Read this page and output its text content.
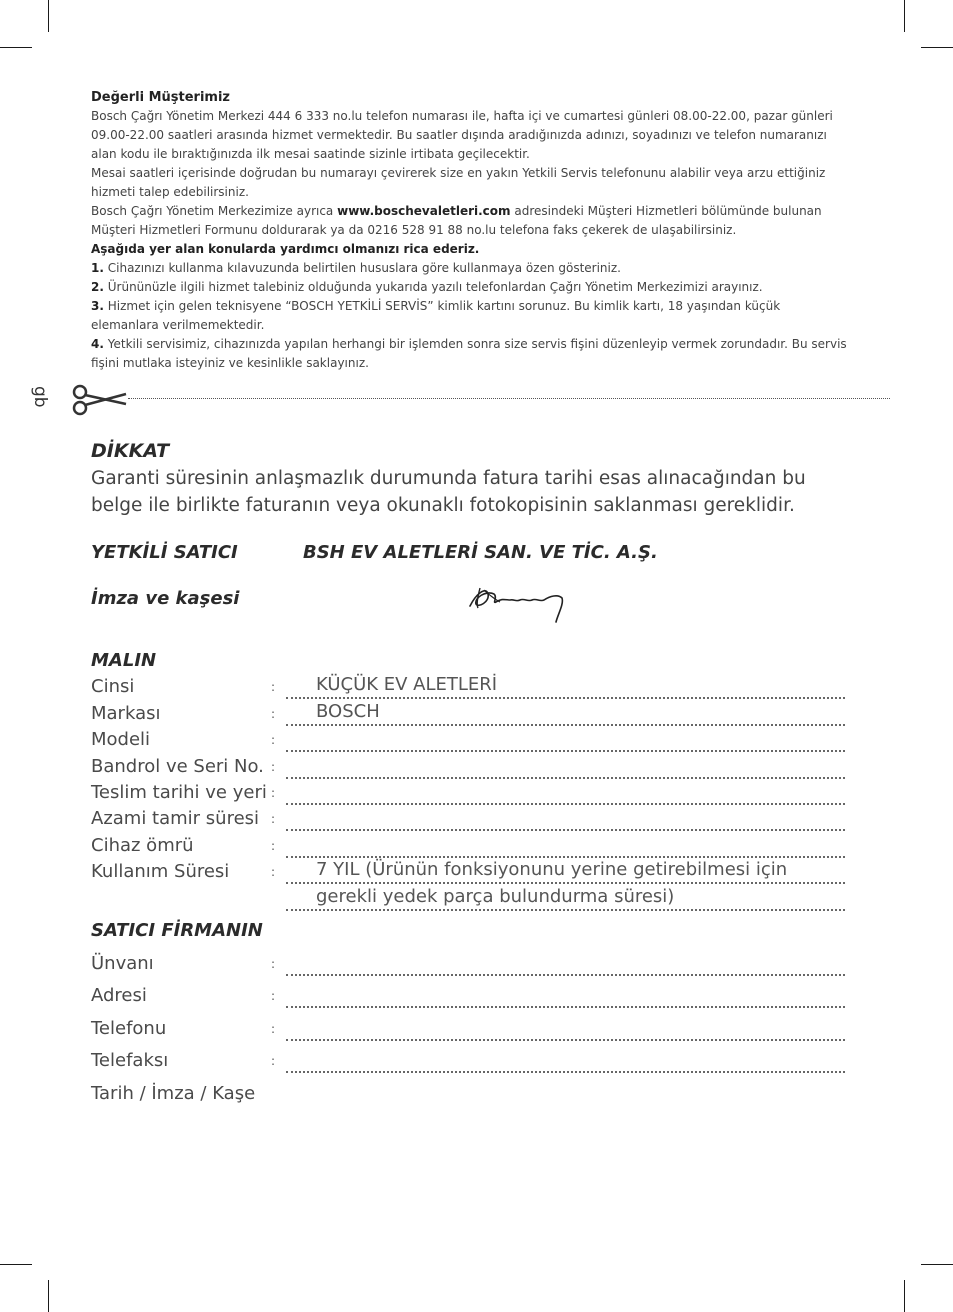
Değerli Müşterimiz

Bosch Çağrı Yönetim Merkezi 444 6 333 no.lu telefon numarası ile, hafta içi ve cumartesi günleri 08.00-22.00, pazar günleri 09.00-22.00 saatleri arasında hizmet vermektedir. Bu saatler dışında aradığınızda adınızı, soyadınızı ve telefon numaranızı alan kodu ile bıraktığınızda ilk mesai saatinde sizinle irtibata geçilecektir.

Mesai saatleri içerisinde doğrudan bu numarayı çevirerek size en yakın Yetkili Servis telefonunu alabilir veya arzu ettiğiniz hizmeti talep edebilirsiniz.

Bosch Çağrı Yönetim Merkezimize ayrıca www.boschevaletleri.com adresindeki Müşteri Hizmetleri bölümünde bulunan Müşteri Hizmetleri Formunu doldurarak ya da 0216 528 91 88 no.lu telefona faks çekerek de ulaşabilirsiniz.

Aşağıda yer alan konularda yardımcı olmanızı rica ederiz.

1. Cihazınızı kullanma kılavuzunda belirtilen hususlara göre kullanmaya özen gösteriniz.

2. Ürününüzle ilgili hizmet talebiniz olduğunda yukarıda yazılı telefonlardan Çağrı Yönetim Merkezimizi arayınız.

3. Hizmet için gelen teknisyene “BOSCH YETKİLİ SERVİS” kimlik kartını sorunuz. Bu kimlik kartı, 18 yaşından küçük elemanlara verilmemektedir.

4. Yetkili servisimiz, cihazınızda yapılan herhangi bir işlemden sonra size servis fişini düzenleyip vermek zorundadır. Bu servis fişini mutlaka isteyiniz ve kesinlikle saklayınız.

gb
DİKKAT
Garanti süresinin anlaşmazlık durumunda fatura tarihi esas alınacağından bu belge ile birlikte faturanın veya okunaklı fotokopisinin saklanması gereklidir.
YETKİLİ SATICI	BSH EV ALETLERİ SAN. VE TİC. A.Ş.
İmza ve kaşesi
MALIN
Cinsi	: KÜÇÜK EV ALETLERİ
Markası	: BOSCH
Modeli	:
Bandrol ve Seri No. :
Teslim tarihi ve yeri :
Azami tamir süresi :
Cihaz ömrü	:
Kullanım Süresi	: 7 YIL (Ürünün fonksiyonunu yerine getirebilmesi için
gerekli yedek parça bulundurma süresi)
SATICI FİRMANIN
Ünvanı	:
Adresi	:
Telefonu	:
Telefaksı	:
Tarih / İmza / Kaşe
